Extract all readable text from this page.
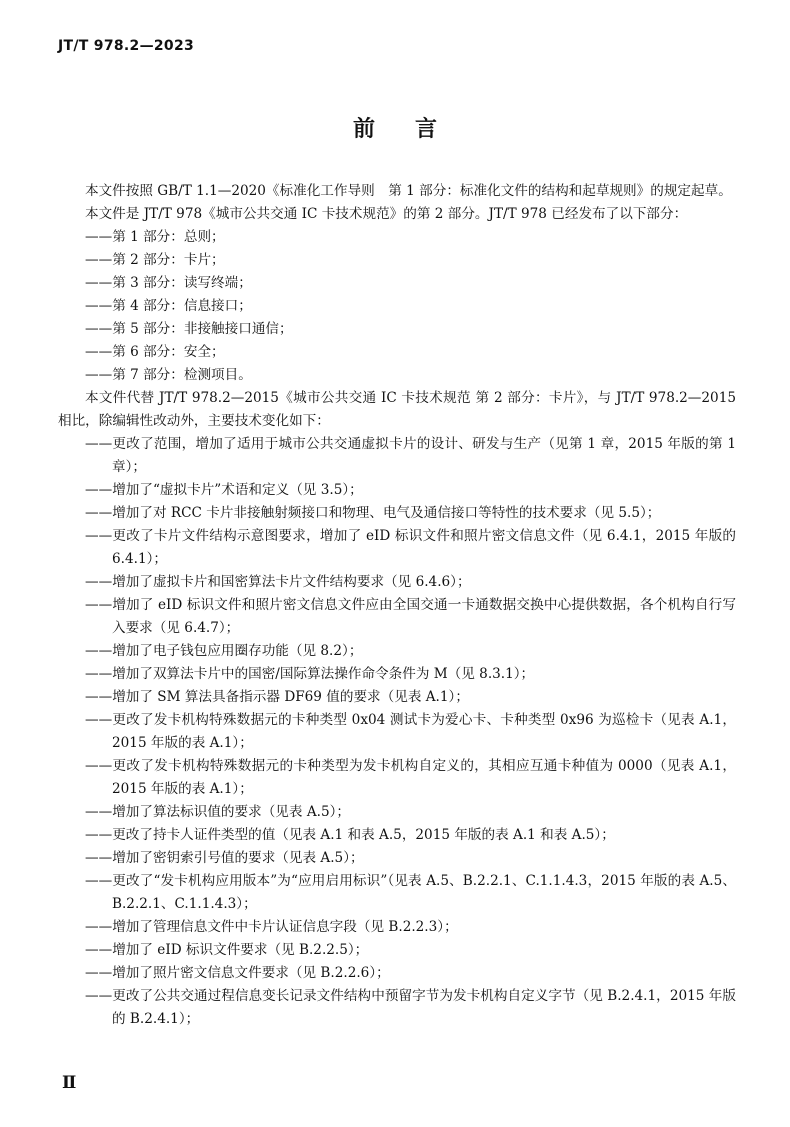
JT/T 978.2—2023
前言
本文件按照 GB/T 1.1—2020《标准化工作导则　第 1 部分：标准化文件的结构和起草规则》的规定起草。
本文件是 JT/T 978《城市公共交通 IC 卡技术规范》的第 2 部分。JT/T 978 已经发布了以下部分：
——第 1 部分：总则；
——第 2 部分：卡片；
——第 3 部分：读写终端；
——第 4 部分：信息接口；
——第 5 部分：非接触接口通信；
——第 6 部分：安全；
——第 7 部分：检测项目。
本文件代替 JT/T 978.2—2015《城市公共交通 IC 卡技术规范 第 2 部分：卡片》，与 JT/T 978.2—2015 相比，除编辑性改动外，主要技术变化如下：
——更改了范围，增加了适用于城市公共交通虚拟卡片的设计、研发与生产（见第 1 章，2015 年版的第 1 章）；
——增加了“虚拟卡片”术语和定义（见 3.5）；
——增加了对 RCC 卡片非接触射频接口和物理、电气及通信接口等特性的技术要求（见 5.5）；
——更改了卡片文件结构示意图要求，增加了 eID 标识文件和照片密文信息文件（见 6.4.1，2015 年版的 6.4.1）；
——增加了虚拟卡片和国密算法卡片文件结构要求（见 6.4.6）；
——增加了 eID 标识文件和照片密文信息文件应由全国交通一卡通数据交换中心提供数据，各个机构自行写入要求（见 6.4.7）；
——增加了电子钱包应用圈存功能（见 8.2）；
——增加了双算法卡片中的国密/国际算法操作命令条件为 M（见 8.3.1）；
——增加了 SM 算法具备指示器 DF69 值的要求（见表 A.1）；
——更改了发卡机构特殊数据元的卡种类型 0x04 测试卡为爱心卡、卡种类型 0x96 为巡检卡（见表 A.1，2015 年版的表 A.1）；
——更改了发卡机构特殊数据元的卡种类型为发卡机构自定义的，其相应互通卡种值为 0000（见表 A.1，2015 年版的表 A.1）；
——增加了算法标识值的要求（见表 A.5）；
——更改了持卡人证件类型的值（见表 A.1 和表 A.5，2015 年版的表 A.1 和表 A.5）；
——增加了密钥索引号值的要求（见表 A.5）；
——更改了“发卡机构应用版本”为“应用启用标识”（见表 A.5、B.2.2.1、C.1.1.4.3，2015 年版的表 A.5、B.2.2.1、C.1.1.4.3）；
——增加了管理信息文件中卡片认证信息字段（见 B.2.2.3）；
——增加了 eID 标识文件要求（见 B.2.2.5）；
——增加了照片密文信息文件要求（见 B.2.2.6）；
——更改了公共交通过程信息变长记录文件结构中预留字节为发卡机构自定义字节（见 B.2.4.1，2015 年版的 B.2.4.1）；
Ⅱ
